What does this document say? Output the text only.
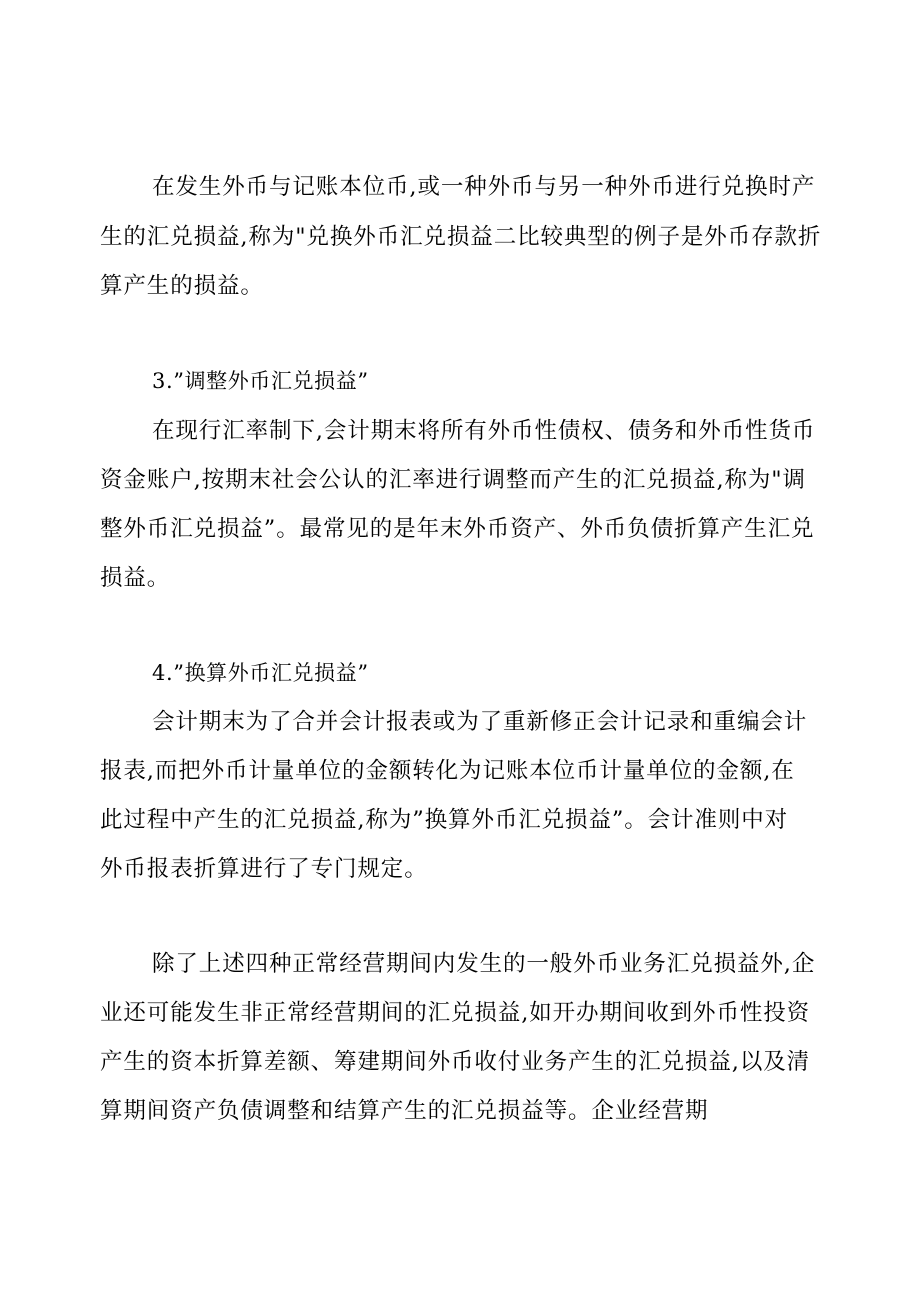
在发生外币与记账本位币,或一种外币与另一种外币进行兑换时产
生的汇兑损益,称为"兑换外币汇兑损益二比较典型的例子是外币存款折
算产生的损益。
3.”调整外币汇兑损益”
在现行汇率制下,会计期末将所有外币性债权、债务和外币性货币
资金账户,按期末社会公认的汇率进行调整而产生的汇兑损益,称为"调
整外币汇兑损益”。最常见的是年末外币资产、外币负债折算产生汇兑
损益。
4.”换算外币汇兑损益”
会计期末为了合并会计报表或为了重新修正会计记录和重编会计
报表,而把外币计量单位的金额转化为记账本位币计量单位的金额,在
此过程中产生的汇兑损益,称为”换算外币汇兑损益”。会计准则中对
外币报表折算进行了专门规定。
除了上述四种正常经营期间内发生的一般外币业务汇兑损益外,企
业还可能发生非正常经营期间的汇兑损益,如开办期间收到外币性投资
产生的资本折算差额、筹建期间外币收付业务产生的汇兑损益,以及清
算期间资产负债调整和结算产生的汇兑损益等。企业经营期
